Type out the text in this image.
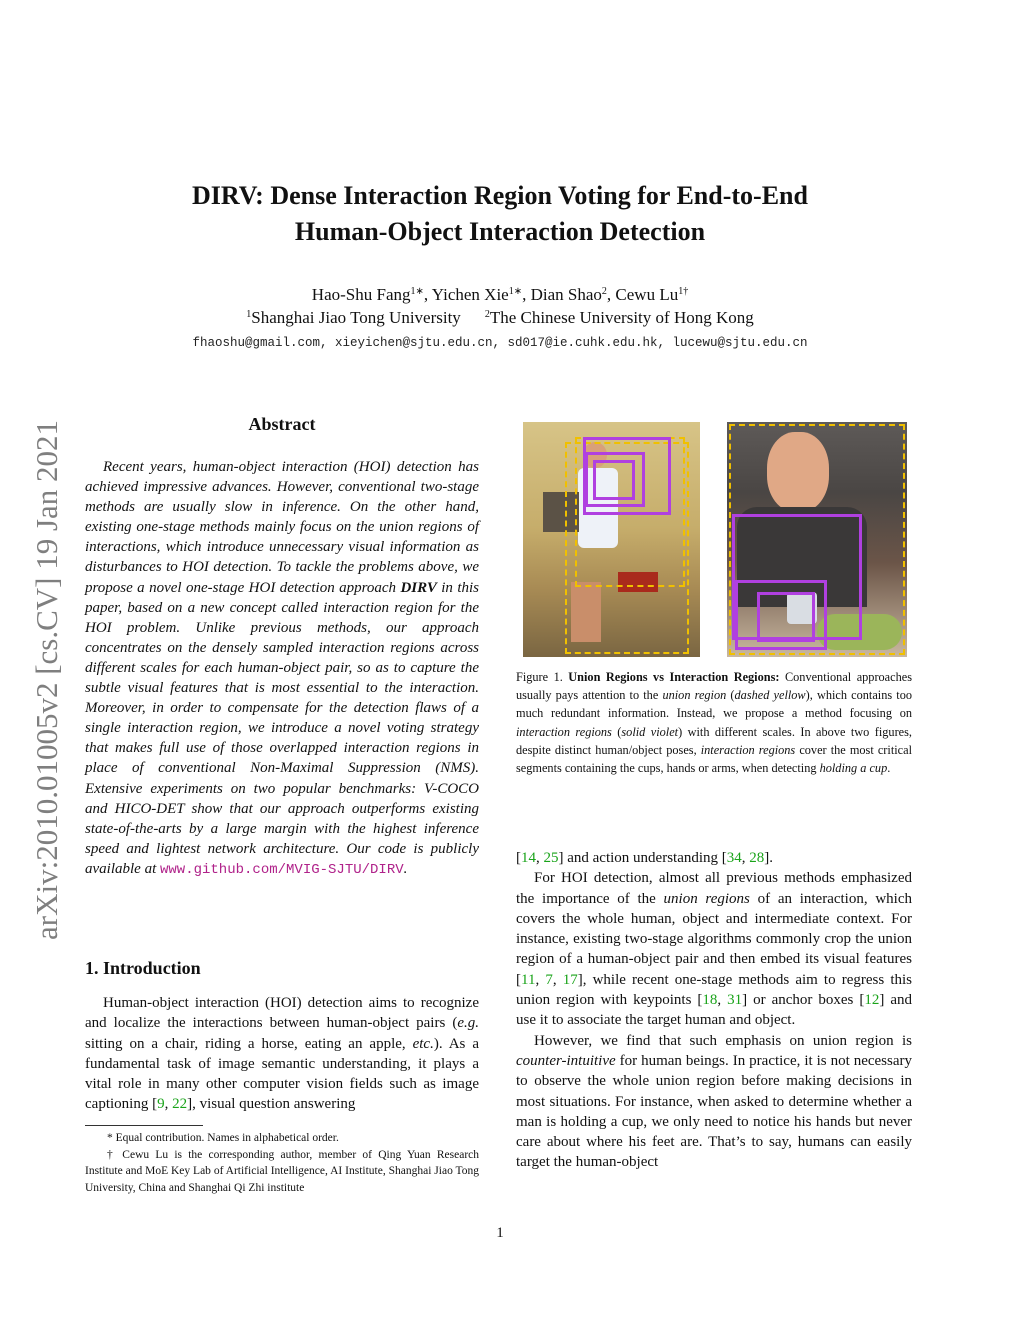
DIRV: Dense Interaction Region Voting for End-to-End
Human-Object Interaction Detection
Hao-Shu Fang$^{1∗}$, Yichen Xie$^{1∗}$, Dian Shao$^2$, Cewu $Lu^{1\dagger}$
$^1$Shanghai Jiao Tong University $^2$The Chinese University of Hong Kong
fhaoshu@gmail.com, xieyichen@sjtu.edu.cn, sd017@ie.cuhk.edu.hk, lucewu@sjtu.edu.cn
arXiv:2010.01005v2 [cs.CV] 19 Jan 2021	Abstract
Recent years, human-object interaction (HOI) detection has achieved impressive advances. However, conventional two-stage methods are usually slow in inference. On the other hand, existing one-stage methods mainly focus on the union regions of interactions, which introduce unnecessary visual information as disturbances to HOI detection. To tackle the problems above, we propose a novel one-stage HOI detection approach DIRV in this paper, based on a new concept called interaction region for the HOI problem. Unlike previous methods, our approach concentrates on the densely sampled interaction regions across different scales for each human-object pair, so as to capture the subtle visual features that is most essential to the interaction. Moreover, in order to compensate for the detection flaws of a single interaction region, we introduce a novel voting strategy that makes full use of those overlapped interaction regions in place of conventional Non-Maximal Suppression (NMS). Extensive experiments on two popular benchmarks: V-COCO and HICO-DET show that our approach outperforms existing state-of-the-arts by a large margin with the highest inference speed and lightest network architecture. Our code is publicly available at www.github.com/MVIG-SJTU/DIRV.
1. Introduction
Human-object interaction (HOI) detection aims to recognize and localize the interactions between human-object pairs (e.g. sitting on a chair, riding a horse, eating an apple, etc.). As a fundamental task of image semantic understanding, it plays a vital role in many other computer vision fields such as image captioning [9, 22], visual question answering
* Equal contribution. Names in alphabetical order.
† Cewu Lu is the corresponding author, member of Qing Yuan Research Institute and MoE Key Lab of Artificial Intelligence, AI Institute, Shanghai Jiao Tong University, China and Shanghai Qi Zhi institute
Figure 1. Union Regions vs Interaction Regions: Conventional approaches usually pays attention to the union region (dashed yellow), which contains too much redundant information. Instead, we propose a method focusing on interaction regions (solid violet) with different scales. In above two figures, despite distinct human/object poses, interaction regions cover the most critical segments containing the cups, hands or arms, when detecting holding a cup.

[14, 25] and action understanding [34, 28].

For HOI detection, almost all previous methods emphasized the importance of the union regions of an interaction, which covers the whole human, object and intermediate context. For instance, existing two-stage algorithms commonly crop the union region of a human-object pair and then embed its visual features [11, 7, 17], while recent one-stage methods aim to regress this union region with keypoints [18, 31] or anchor boxes [12] and use it to associate the target human and object.

However, we find that such emphasis on union region is counter-intuitive for human beings. In practice, it is not necessary to observe the whole union region before making decisions in most situations. For instance, when asked to determine whether a man is holding a cup, we only need to notice his hands but never care about where his feet are. That’s to say, humans can easily target the human-object

1
